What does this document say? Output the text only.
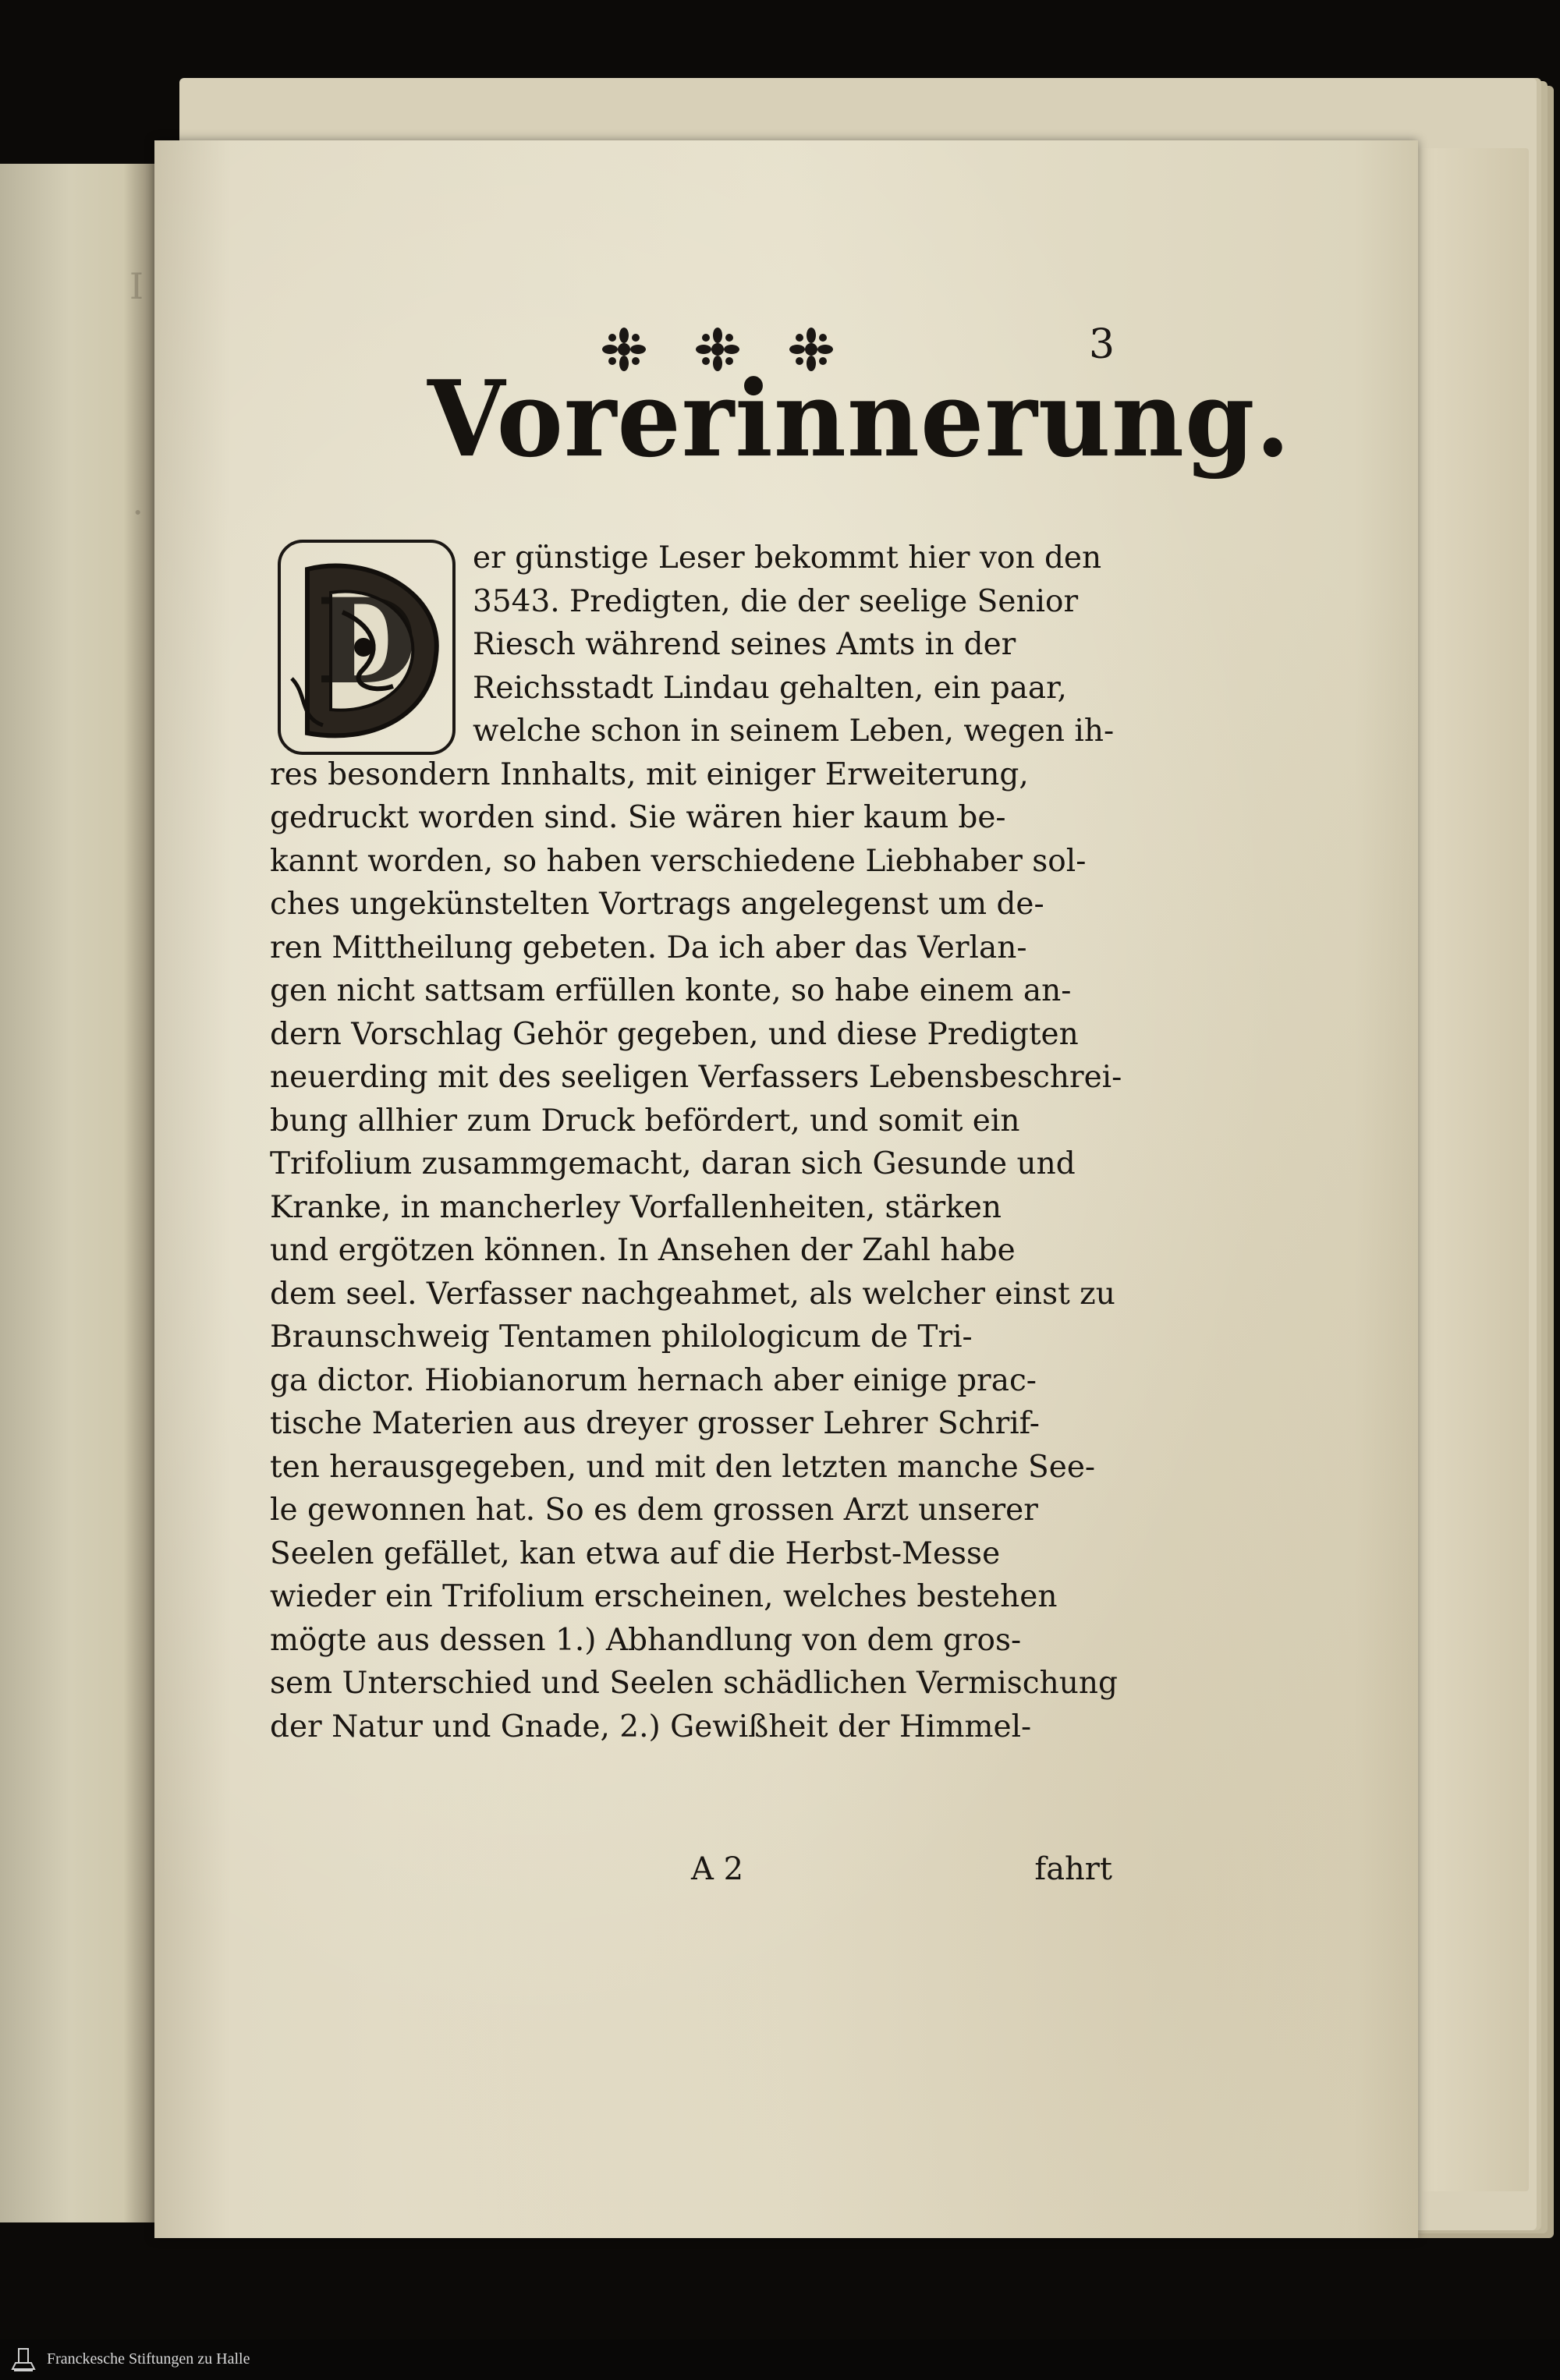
I
·
3
Vorerinnerung.
D
er günstige Leser bekommt hier von den
3543. Predigten, die der seelige Senior
Riesch während seines Amts in der
Reichsstadt Lindau gehalten, ein paar,
welche schon in seinem Leben, wegen ih-
res besondern Innhalts, mit einiger Erweiterung,
gedruckt worden sind. Sie wären hier kaum be-
kannt worden, so haben verschiedene Liebhaber sol-
ches ungekünstelten Vortrags angelegenst um de-
ren Mittheilung gebeten. Da ich aber das Verlan-
gen nicht sattsam erfüllen konte, so habe einem an-
dern Vorschlag Gehör gegeben, und diese Predigten
neuerding mit des seeligen Verfassers Lebensbeschrei-
bung allhier zum Druck befördert, und somit ein
Trifolium zusammgemacht, daran sich Gesunde und
Kranke, in mancherley Vorfallenheiten, stärken
und ergötzen können. In Ansehen der Zahl habe
dem seel. Verfasser nachgeahmet, als welcher einst zu
Braunschweig Tentamen philologicum de Tri-
ga dictor. Hiobianorum hernach aber einige prac-
tische Materien aus dreyer grosser Lehrer Schrif-
ten herausgegeben, und mit den letzten manche See-
le gewonnen hat. So es dem grossen Arzt unserer
Seelen gefället, kan etwa auf die Herbst-Messe
wieder ein Trifolium erscheinen, welches bestehen
mögte aus dessen 1.) Abhandlung von dem gros-
sem Unterschied und Seelen schädlichen Vermischung
der Natur und Gnade, 2.) Gewißheit der Himmel-
A 2	fahrt
Franckesche Stiftungen zu Halle
